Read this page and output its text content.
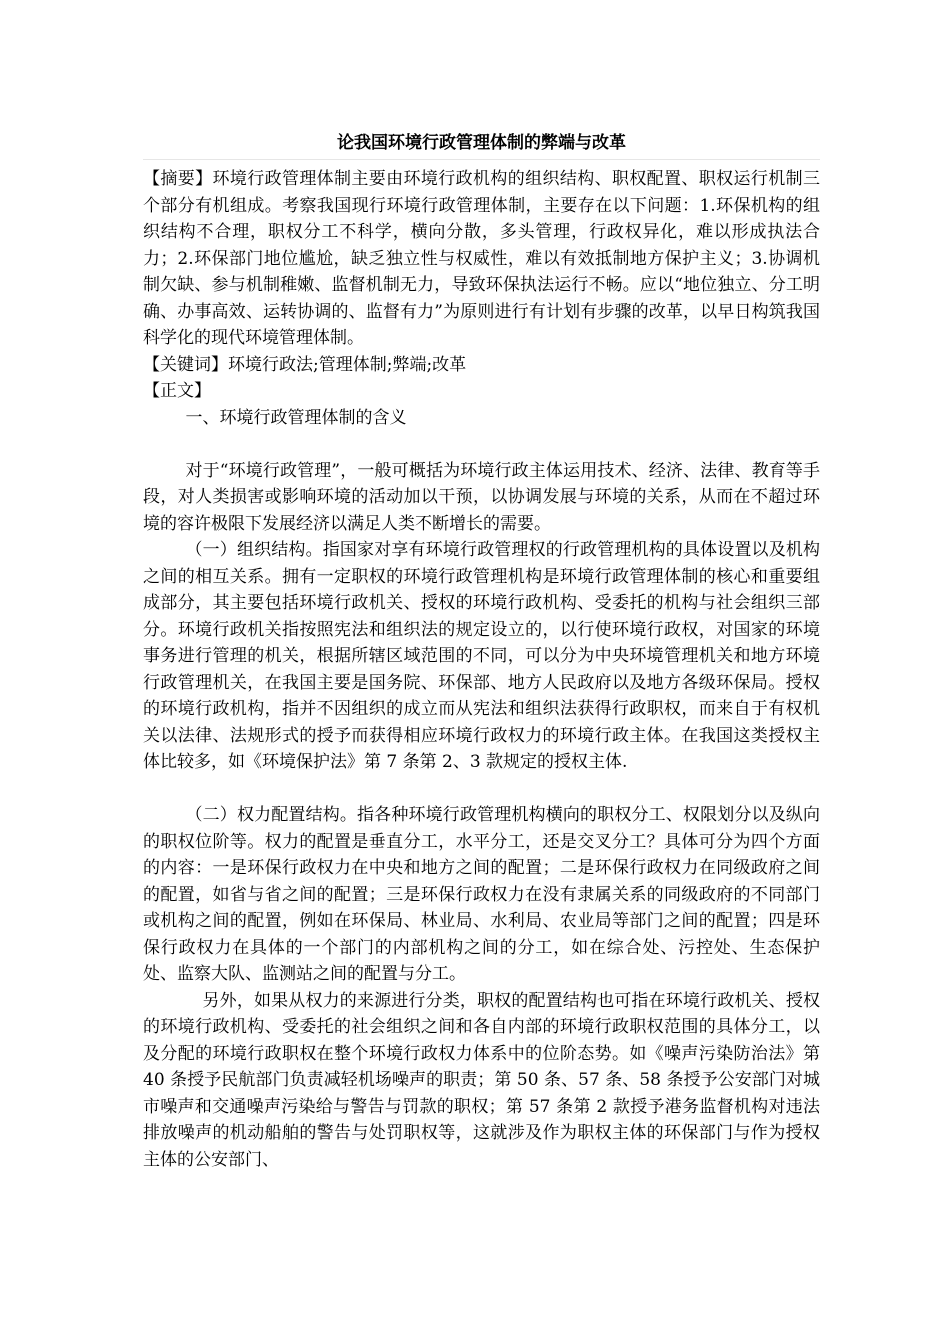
论我国环境行政管理体制的弊端与改革

【摘要】环境行政管理体制主要由环境行政机构的组织结构、职权配置、职权运行机制三个部分有机组成。考察我国现行环境行政管理体制，主要存在以下问题：1.环保机构的组织结构不合理，职权分工不科学，横向分散，多头管理，行政权异化，难以形成执法合力；2.环保部门地位尴尬，缺乏独立性与权威性，难以有效抵制地方保护主义；3.协调机制欠缺、参与机制稚嫩、监督机制无力，导致环保执法运行不畅。应以“地位独立、分工明确、办事高效、运转协调的、监督有力”为原则进行有计划有步骤的改革，以早日构筑我国科学化的现代环境管理体制。

【关键词】环境行政法;管理体制;弊端;改革

【正文】

一、环境行政管理体制的含义

对于“环境行政管理”，一般可概括为环境行政主体运用技术、经济、法律、教育等手段，对人类损害或影响环境的活动加以干预，以协调发展与环境的关系，从而在不超过环境的容许极限下发展经济以满足人类不断增长的需要。

（一）组织结构。指国家对享有环境行政管理权的行政管理机构的具体设置以及机构之间的相互关系。拥有一定职权的环境行政管理机构是环境行政管理体制的核心和重要组成部分，其主要包括环境行政机关、授权的环境行政机构、受委托的机构与社会组织三部分。环境行政机关指按照宪法和组织法的规定设立的，以行使环境行政权，对国家的环境事务进行管理的机关，根据所辖区域范围的不同，可以分为中央环境管理机关和地方环境行政管理机关，在我国主要是国务院、环保部、地方人民政府以及地方各级环保局。授权的环境行政机构，指并不因组织的成立而从宪法和组织法获得行政职权，而来自于有权机关以法律、法规形式的授予而获得相应环境行政权力的环境行政主体。在我国这类授权主体比较多，如《环境保护法》第 7 条第 2、3 款规定的授权主体.

（二）权力配置结构。指各种环境行政管理机构横向的职权分工、权限划分以及纵向的职权位阶等。权力的配置是垂直分工，水平分工，还是交叉分工？具体可分为四个方面的内容：一是环保行政权力在中央和地方之间的配置；二是环保行政权力在同级政府之间的配置，如省与省之间的配置；三是环保行政权力在没有隶属关系的同级政府的不同部门或机构之间的配置，例如在环保局、林业局、水利局、农业局等部门之间的配置；四是环保行政权力在具体的一个部门的内部机构之间的分工，如在综合处、污控处、生态保护处、监察大队、监测站之间的配置与分工。

另外，如果从权力的来源进行分类，职权的配置结构也可指在环境行政机关、授权的环境行政机构、受委托的社会组织之间和各自内部的环境行政职权范围的具体分工，以及分配的环境行政职权在整个环境行政权力体系中的位阶态势。如《噪声污染防治法》第 40 条授予民航部门负责减轻机场噪声的职责；第 50 条、57 条、58 条授予公安部门对城市噪声和交通噪声污染给与警告与罚款的职权；第 57 条第 2 款授予港务监督机构对违法排放噪声的机动船舶的警告与处罚职权等，这就涉及作为职权主体的环保部门与作为授权主体的公安部门、
